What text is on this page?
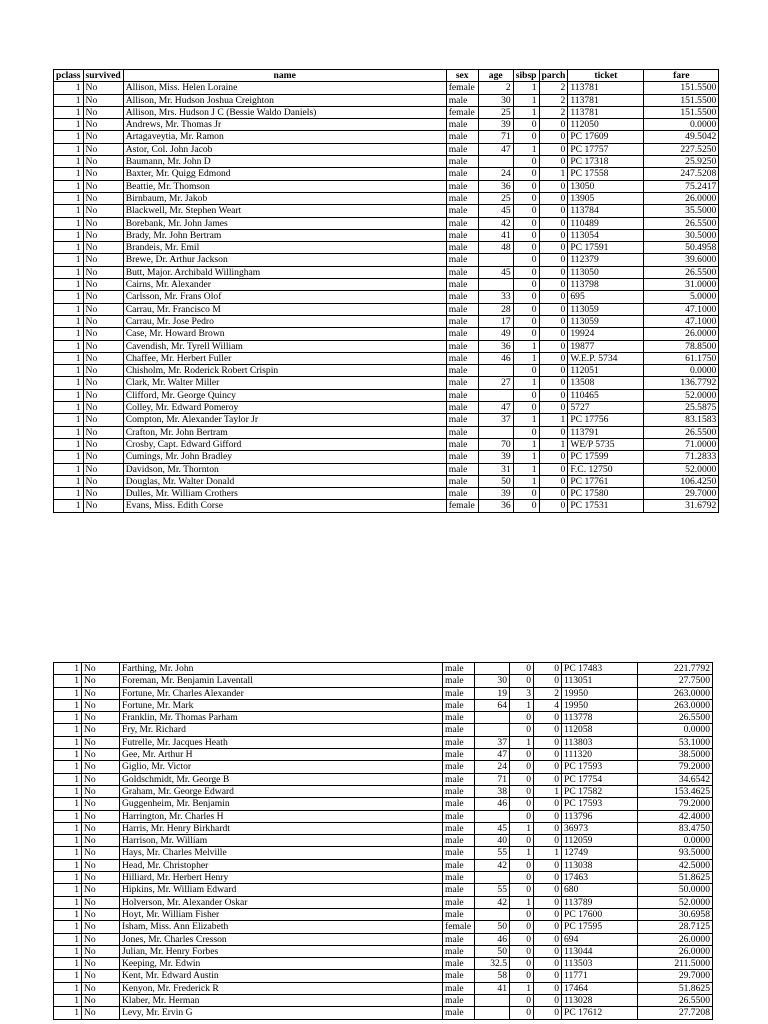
pclass	survived	name	sex	age	sibsp	parch	ticket	fare
1	No	Allison, Miss. Helen Loraine	female	2	1	2	113781	151.5500
1	No	Allison, Mr. Hudson Joshua Creighton	male	30	1	2	113781	151.5500
1	No	Allison, Mrs. Hudson J C (Bessie Waldo Daniels)	female	25	1	2	113781	151.5500
1	No	Andrews, Mr. Thomas Jr	male	39	0	0	112050	0.0000
1	No	Artagaveytia, Mr. Ramon	male	71	0	0	PC 17609	49.5042
1	No	Astor, Col. John Jacob	male	47	1	0	PC 17757	227.5250
1	No	Baumann, Mr. John D	male		0	0	PC 17318	25.9250
1	No	Baxter, Mr. Quigg Edmond	male	24	0	1	PC 17558	247.5208
1	No	Beattie, Mr. Thomson	male	36	0	0	13050	75.2417
1	No	Birnbaum, Mr. Jakob	male	25	0	0	13905	26.0000
1	No	Blackwell, Mr. Stephen Weart	male	45	0	0	113784	35.5000
1	No	Borebank, Mr. John James	male	42	0	0	110489	26.5500
1	No	Brady, Mr. John Bertram	male	41	0	0	113054	30.5000
1	No	Brandeis, Mr. Emil	male	48	0	0	PC 17591	50.4958
1	No	Brewe, Dr. Arthur Jackson	male		0	0	112379	39.6000
1	No	Butt, Major. Archibald Willingham	male	45	0	0	113050	26.5500
1	No	Cairns, Mr. Alexander	male		0	0	113798	31.0000
1	No	Carlsson, Mr. Frans Olof	male	33	0	0	695	5.0000
1	No	Carrau, Mr. Francisco M	male	28	0	0	113059	47.1000
1	No	Carrau, Mr. Jose Pedro	male	17	0	0	113059	47.1000
1	No	Case, Mr. Howard Brown	male	49	0	0	19924	26.0000
1	No	Cavendish, Mr. Tyrell William	male	36	1	0	19877	78.8500
1	No	Chaffee, Mr. Herbert Fuller	male	46	1	0	W.E.P. 5734	61.1750
1	No	Chisholm, Mr. Roderick Robert Crispin	male		0	0	112051	0.0000
1	No	Clark, Mr. Walter Miller	male	27	1	0	13508	136.7792
1	No	Clifford, Mr. George Quincy	male		0	0	110465	52.0000
1	No	Colley, Mr. Edward Pomeroy	male	47	0	0	5727	25.5875
1	No	Compton, Mr. Alexander Taylor Jr	male	37	1	1	PC 17756	83.1583
1	No	Crafton, Mr. John Bertram	male		0	0	113791	26.5500
1	No	Crosby, Capt. Edward Gifford	male	70	1	1	WE/P 5735	71.0000
1	No	Cumings, Mr. John Bradley	male	39	1	0	PC 17599	71.2833
1	No	Davidson, Mr. Thornton	male	31	1	0	F.C. 12750	52.0000
1	No	Douglas, Mr. Walter Donald	male	50	1	0	PC 17761	106.4250
1	No	Dulles, Mr. William Crothers	male	39	0	0	PC 17580	29.7000
1	No	Evans, Miss. Edith Corse	female	36	0	0	PC 17531	31.6792
1	No	Farthing, Mr. John	male		0	0	PC 17483	221.7792
1	No	Foreman, Mr. Benjamin Laventall	male	30	0	0	113051	27.7500
1	No	Fortune, Mr. Charles Alexander	male	19	3	2	19950	263.0000
1	No	Fortune, Mr. Mark	male	64	1	4	19950	263.0000
1	No	Franklin, Mr. Thomas Parham	male		0	0	113778	26.5500
1	No	Fry, Mr. Richard	male		0	0	112058	0.0000
1	No	Futrelle, Mr. Jacques Heath	male	37	1	0	113803	53.1000
1	No	Gee, Mr. Arthur H	male	47	0	0	111320	38.5000
1	No	Giglio, Mr. Victor	male	24	0	0	PC 17593	79.2000
1	No	Goldschmidt, Mr. George B	male	71	0	0	PC 17754	34.6542
1	No	Graham, Mr. George Edward	male	38	0	1	PC 17582	153.4625
1	No	Guggenheim, Mr. Benjamin	male	46	0	0	PC 17593	79.2000
1	No	Harrington, Mr. Charles H	male		0	0	113796	42.4000
1	No	Harris, Mr. Henry Birkhardt	male	45	1	0	36973	83.4750
1	No	Harrison, Mr. William	male	40	0	0	112059	0.0000
1	No	Hays, Mr. Charles Melville	male	55	1	1	12749	93.5000
1	No	Head, Mr. Christopher	male	42	0	0	113038	42.5000
1	No	Hilliard, Mr. Herbert Henry	male		0	0	17463	51.8625
1	No	Hipkins, Mr. William Edward	male	55	0	0	680	50.0000
1	No	Holverson, Mr. Alexander Oskar	male	42	1	0	113789	52.0000
1	No	Hoyt, Mr. William Fisher	male		0	0	PC 17600	30.6958
1	No	Isham, Miss. Ann Elizabeth	female	50	0	0	PC 17595	28.7125
1	No	Jones, Mr. Charles Cresson	male	46	0	0	694	26.0000
1	No	Julian, Mr. Henry Forbes	male	50	0	0	113044	26.0000
1	No	Keeping, Mr. Edwin	male	32.5	0	0	113503	211.5000
1	No	Kent, Mr. Edward Austin	male	58	0	0	11771	29.7000
1	No	Kenyon, Mr. Frederick R	male	41	1	0	17464	51.8625
1	No	Klaber, Mr. Herman	male		0	0	113028	26.5500
1	No	Levy, Mr. Ervin G	male		0	0	PC 17612	27.7208
